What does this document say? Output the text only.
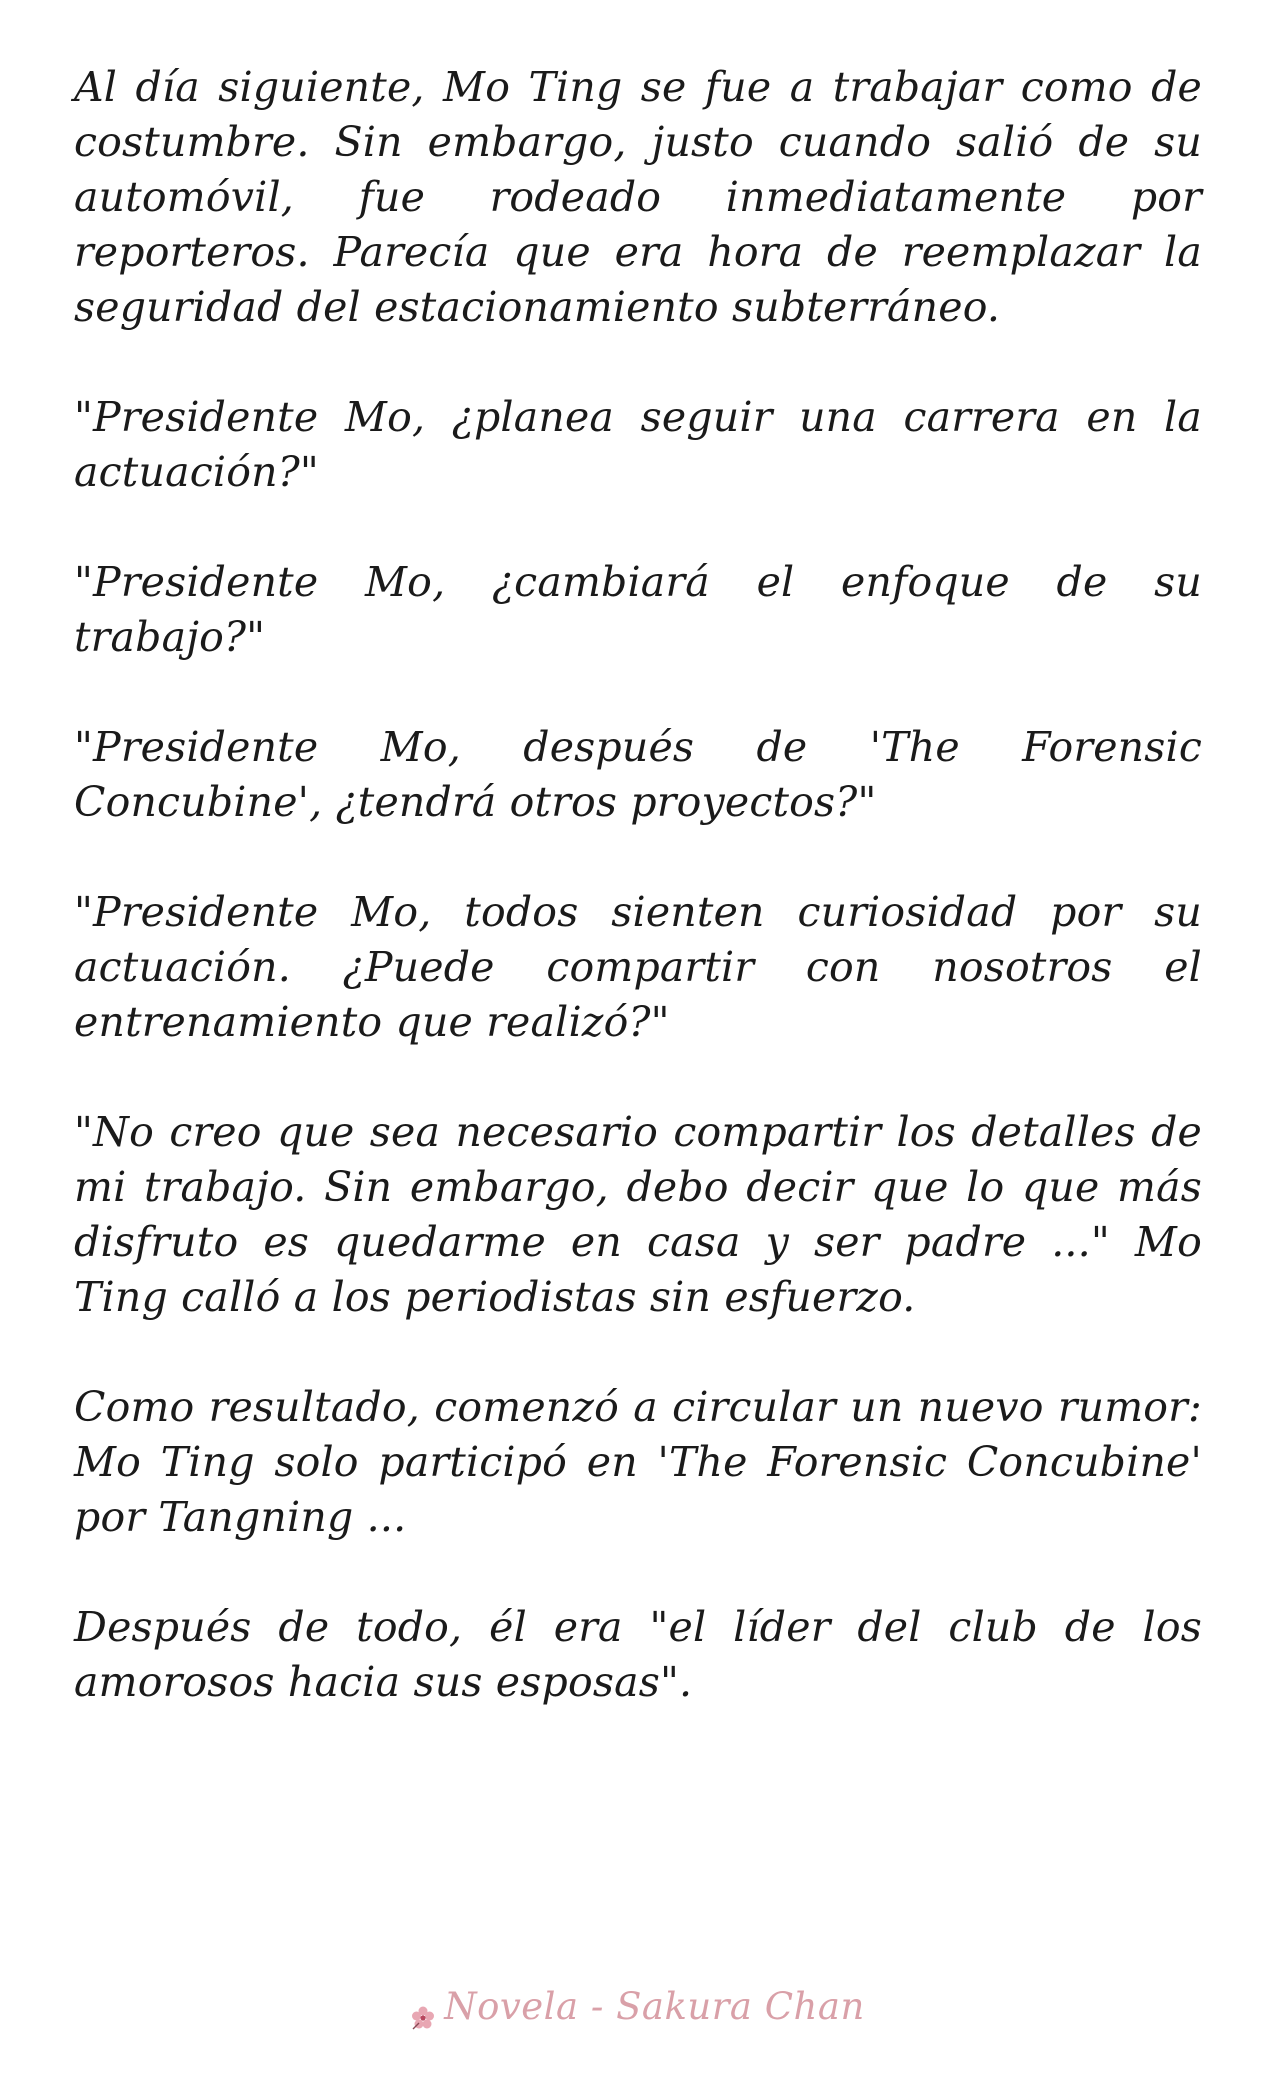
Al día siguiente, Mo Ting se fue a trabajar como de costumbre. Sin embargo, justo cuando salió de su automóvil, fue rodeado inmediatamente por reporteros. Parecía que era hora de reemplazar la seguridad del estacionamiento subterráneo.

"Presidente Mo, ¿planea seguir una carrera en la actuación?"

"Presidente Mo, ¿cambiará el enfoque de su trabajo?"

"Presidente Mo, después de 'The Forensic Concubine', ¿tendrá otros proyectos?"

"Presidente Mo, todos sienten curiosidad por su actuación. ¿Puede compartir con nosotros el entrenamiento que realizó?"

"No creo que sea necesario compartir los detalles de mi trabajo. Sin embargo, debo decir que lo que más disfruto es quedarme en casa y ser padre ..." Mo Ting calló a los periodistas sin esfuerzo.

Como resultado, comenzó a circular un nuevo rumor: Mo Ting solo participó en 'The Forensic Concubine' por Tangning ...

Después de todo, él era "el líder del club de los amorosos hacia sus esposas".

Novela - Sakura Chan
